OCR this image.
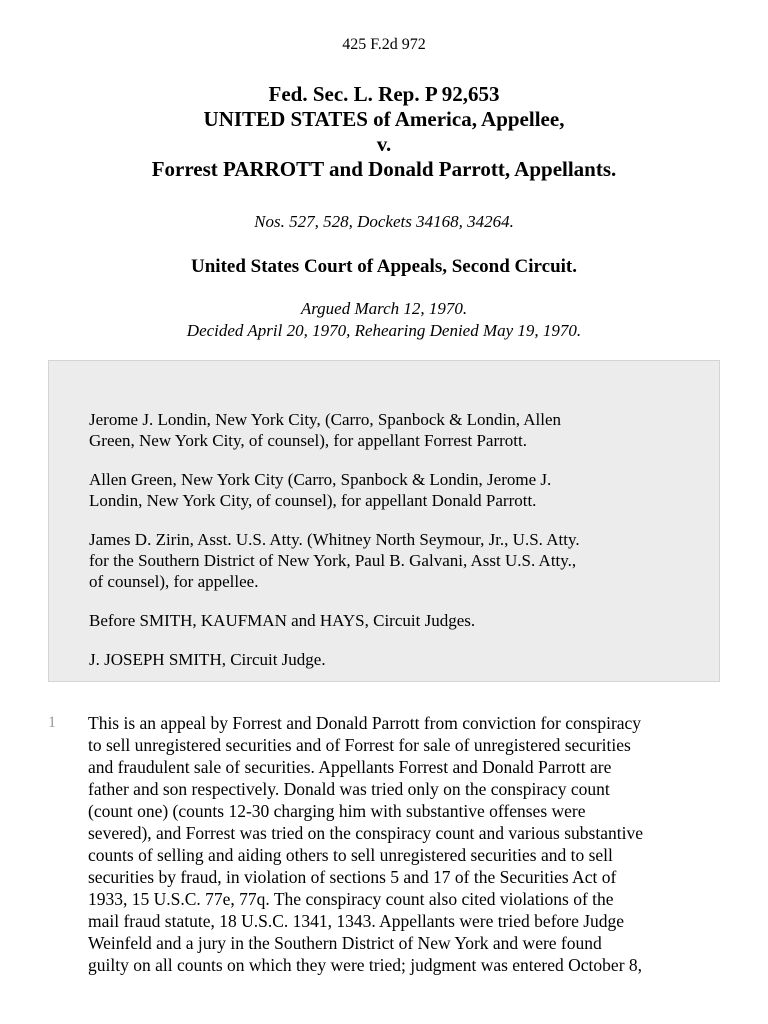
425 F.2d 972
Fed. Sec. L. Rep. P 92,653
UNITED STATES of America, Appellee,
v.
Forrest PARROTT and Donald Parrott, Appellants.
Nos. 527, 528, Dockets 34168, 34264.
United States Court of Appeals, Second Circuit.
Argued March 12, 1970.
Decided April 20, 1970, Rehearing Denied May 19, 1970.

Jerome J. Londin, New York City, (Carro, Spanbock & Londin, Allen
Green, New York City, of counsel), for appellant Forrest Parrott.

Allen Green, New York City (Carro, Spanbock & Londin, Jerome J.
Londin, New York City, of counsel), for appellant Donald Parrott.

James D. Zirin, Asst. U.S. Atty. (Whitney North Seymour, Jr., U.S. Atty.
for the Southern District of New York, Paul B. Galvani, Asst U.S. Atty.,
of counsel), for appellee.

Before SMITH, KAUFMAN and HAYS, Circuit Judges.

J. JOSEPH SMITH, Circuit Judge.

1 This is an appeal by Forrest and Donald Parrott from conviction for conspiracy
to sell unregistered securities and of Forrest for sale of unregistered securities
and fraudulent sale of securities. Appellants Forrest and Donald Parrott are
father and son respectively. Donald was tried only on the conspiracy count
(count one) (counts 12-30 charging him with substantive offenses were
severed), and Forrest was tried on the conspiracy count and various substantive
counts of selling and aiding others to sell unregistered securities and to sell
securities by fraud, in violation of sections 5 and 17 of the Securities Act of
1933, 15 U.S.C. 77e, 77q. The conspiracy count also cited violations of the
mail fraud statute, 18 U.S.C. 1341, 1343. Appellants were tried before Judge
Weinfeld and a jury in the Southern District of New York and were found
guilty on all counts on which they were tried; judgment was entered October 8,
